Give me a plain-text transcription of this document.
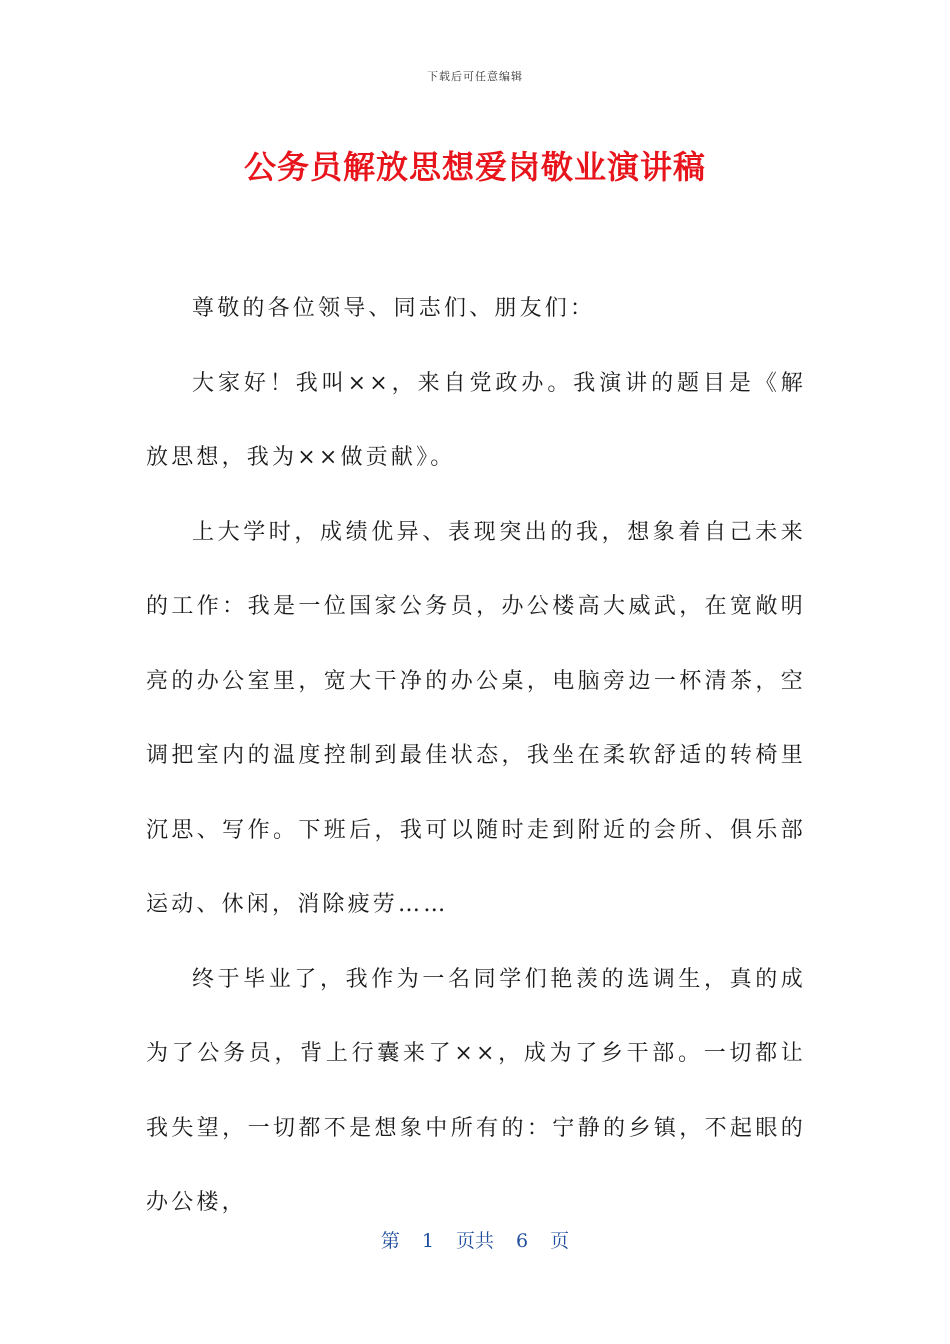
下载后可任意编辑
公务员解放思想爱岗敬业演讲稿

尊敬的各位领导、同志们、朋友们：

大家好！我叫××，来自党政办。我演讲的题目是《解放思想，我为××做贡献》。

上大学时，成绩优异、表现突出的我，想象着自己未来的工作：我是一位国家公务员，办公楼高大威武，在宽敞明亮的办公室里，宽大干净的办公桌，电脑旁边一杯清茶，空调把室内的温度控制到最佳状态，我坐在柔软舒适的转椅里沉思、写作。下班后，我可以随时走到附近的会所、俱乐部运动、休闲，消除疲劳……

终于毕业了，我作为一名同学们艳羡的选调生，真的成为了公务员，背上行囊来了××，成为了乡干部。一切都让我失望，一切都不是想象中所有的：宁静的乡镇，不起眼的办公楼，

第 1 页共 6 页
